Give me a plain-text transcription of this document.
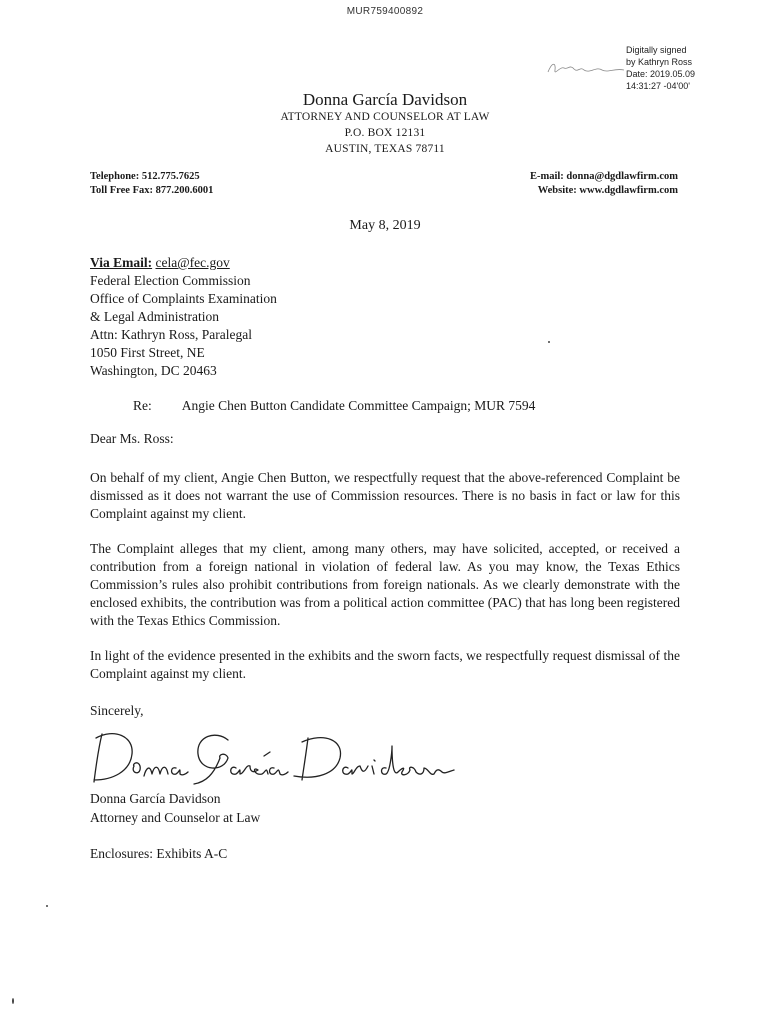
MUR759400892
Digitally signed
by Kathryn Ross
Date: 2019.05.09
14:31:27 -04'00'
Donna García Davidson
ATTORNEY AND COUNSELOR AT LAW
P.O. BOX 12131
AUSTIN, TEXAS 78711
Telephone: 512.775.7625
Toll Free Fax: 877.200.6001
E-mail: donna@dgdlawfirm.com
Website: www.dgdlawfirm.com
May 8, 2019
Via Email: cela@fec.gov
Federal Election Commission
Office of Complaints Examination
& Legal Administration
Attn: Kathryn Ross, Paralegal
1050 First Street, NE
Washington, DC 20463
Re: Angie Chen Button Candidate Committee Campaign; MUR 7594
Dear Ms. Ross:
On behalf of my client, Angie Chen Button, we respectfully request that the above-referenced Complaint be dismissed as it does not warrant the use of Commission resources. There is no basis in fact or law for this Complaint against my client.
The Complaint alleges that my client, among many others, may have solicited, accepted, or received a contribution from a foreign national in violation of federal law. As you may know, the Texas Ethics Commission’s rules also prohibit contributions from foreign nationals. As we clearly demonstrate with the enclosed exhibits, the contribution was from a political action committee (PAC) that has long been registered with the Texas Ethics Commission.
In light of the evidence presented in the exhibits and the sworn facts, we respectfully request dismissal of the Complaint against my client.
Sincerely,
Donna García Davidson
Attorney and Counselor at Law
Enclosures: Exhibits A-C
